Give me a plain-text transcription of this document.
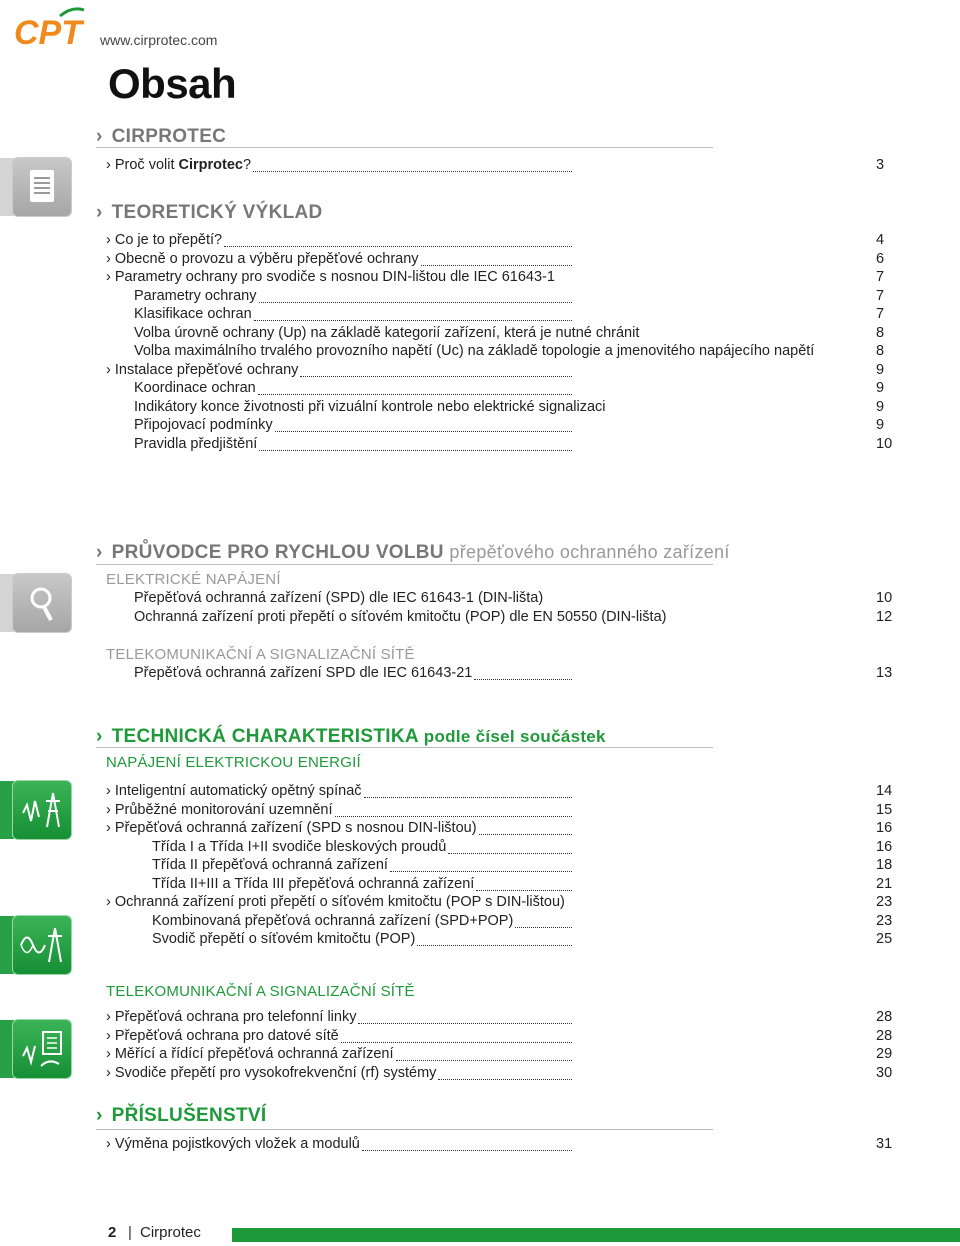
CPT www.cirprotec.com
Obsah
› CIRPROTEC
› TEORETICKÝ VÝKLAD
› PRŮVODCE PRO RYCHLOU VOLBU přepěťového ochranného zařízení
ELEKTRICKÉ NAPÁJENÍ
TELEKOMUNIKAČNÍ A SIGNALIZAČNÍ SÍTĚ
› TECHNICKÁ CHARAKTERISTIKA podle čísel součástek
NAPÁJENÍ ELEKTRICKOU ENERGIÍ
TELEKOMUNIKAČNÍ A SIGNALIZAČNÍ SÍTĚ
› PŘÍSLUŠENSTVÍ
› Proč volit Cirprotec?	3
› Co je to přepětí?	4
› Obecně o provozu a výběru přepěťové ochrany	6
› Parametry ochrany pro svodiče s nosnou DIN-lištou dle IEC 61643-1	7
Parametry ochrany	7
Klasifikace ochran	7
Volba úrovně ochrany (Up) na základě kategorií zařízení, která je nutné chránit	8
Volba maximálního trvalého provozního napětí (Uc) na základě topologie a jmenovitého napájecího napětí	8
› Instalace přepěťové ochrany	9
Koordinace ochran	9
Indikátory konce životnosti při vizuální kontrole nebo elektrické signalizaci	9
Připojovací podmínky	9
Pravidla předjištění	10
Přepěťová ochranná zařízení (SPD) dle IEC 61643-1 (DIN-lišta)	10
Ochranná zařízení proti přepětí o síťovém kmitočtu (POP) dle EN 50550 (DIN-lišta)	12
Přepěťová ochranná zařízení SPD dle IEC 61643-21	13
› Inteligentní automatický opětný spínač	14
› Průběžné monitorování uzemnění	15
› Přepěťová ochranná zařízení (SPD s nosnou DIN-lištou)	16
Třída I a Třída I+II svodiče bleskových proudů	16
Třída II přepěťová ochranná zařízení	18
Třída II+III a Třída III přepěťová ochranná zařízení	21
› Ochranná zařízení proti přepětí o síťovém kmitočtu (POP s DIN-lištou)	23
Kombinovaná přepěťová ochranná zařízení (SPD+POP)	23
Svodič přepětí o síťovém kmitočtu (POP)	25
› Přepěťová ochrana pro telefonní linky	28
› Přepěťová ochrana pro datové sítě	28
› Měřící a řídící přepěťová ochranná zařízení	29
› Svodiče přepětí pro vysokofrekvenční (rf) systémy	30
› Výměna pojistkových vložek a modulů	31
2 | Cirprotec
